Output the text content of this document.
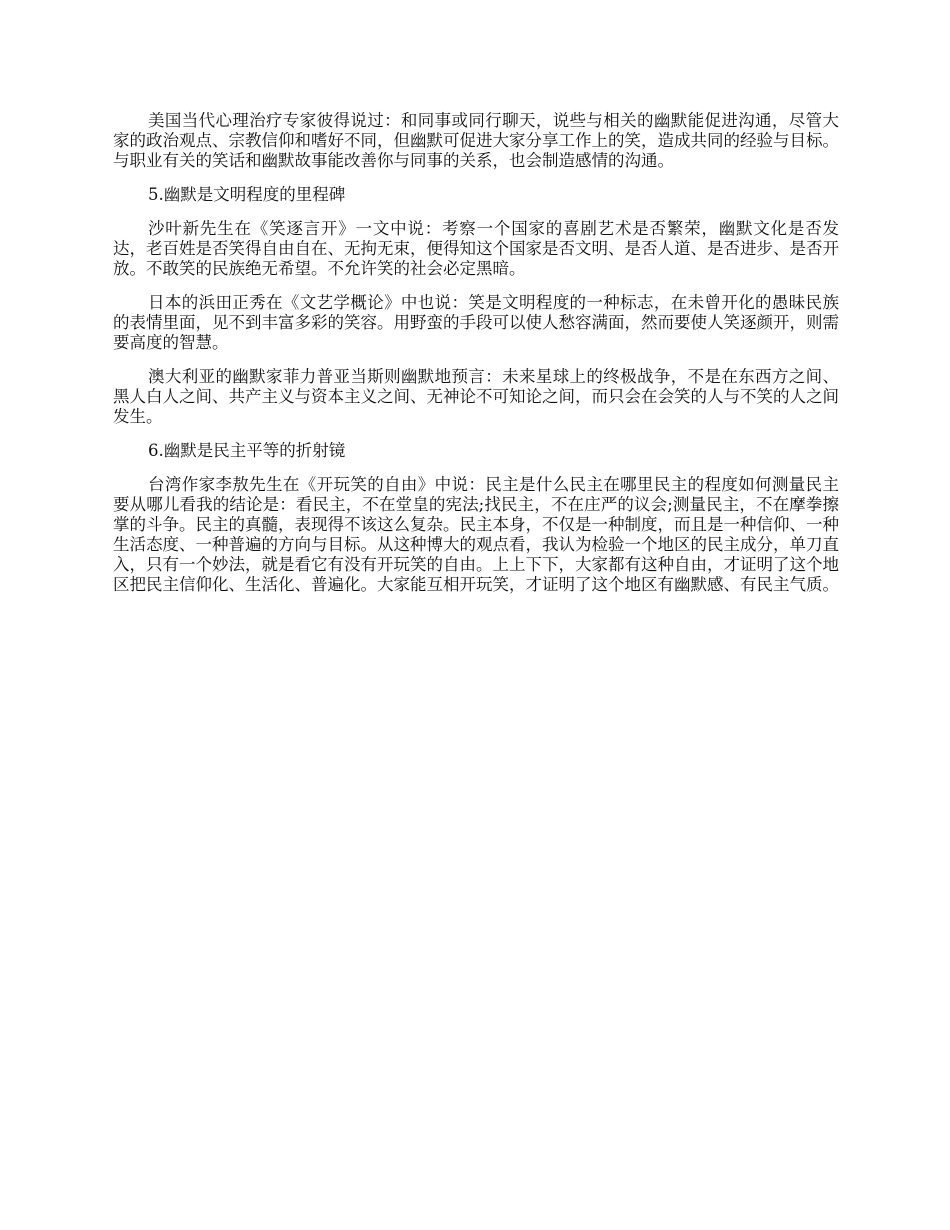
美国当代心理治疗专家彼得说过：和同事或同行聊天，说些与相关的幽默能促进沟通，尽管大家的政治观点、宗教信仰和嗜好不同，但幽默可促进大家分享工作上的笑，造成共同的经验与目标。与职业有关的笑话和幽默故事能改善你与同事的关系，也会制造感情的沟通。

5.幽默是文明程度的里程碑

沙叶新先生在《笑逐言开》一文中说：考察一个国家的喜剧艺术是否繁荣，幽默文化是否发达，老百姓是否笑得自由自在、无拘无束，便得知这个国家是否文明、是否人道、是否进步、是否开放。不敢笑的民族绝无希望。不允许笑的社会必定黑暗。

日本的浜田正秀在《文艺学概论》中也说：笑是文明程度的一种标志，在未曾开化的愚昧民族的表情里面，见不到丰富多彩的笑容。用野蛮的手段可以使人愁容满面，然而要使人笑逐颜开，则需要高度的智慧。

澳大利亚的幽默家菲力普亚当斯则幽默地预言：未来星球上的终极战争，不是在东西方之间、黑人白人之间、共产主义与资本主义之间、无神论不可知论之间，而只会在会笑的人与不笑的人之间发生。

6.幽默是民主平等的折射镜

台湾作家李敖先生在《开玩笑的自由》中说：民主是什么民主在哪里民主的程度如何测量民主要从哪儿看我的结论是：看民主，不在堂皇的宪法;找民主，不在庄严的议会;测量民主，不在摩拳擦掌的斗争。民主的真髓，表现得不该这么复杂。民主本身，不仅是一种制度，而且是一种信仰、一种生活态度、一种普遍的方向与目标。从这种博大的观点看，我认为检验一个地区的民主成分，单刀直入，只有一个妙法，就是看它有没有开玩笑的自由。上上下下，大家都有这种自由，才证明了这个地区把民主信仰化、生活化、普遍化。大家能互相开玩笑，才证明了这个地区有幽默感、有民主气质。
